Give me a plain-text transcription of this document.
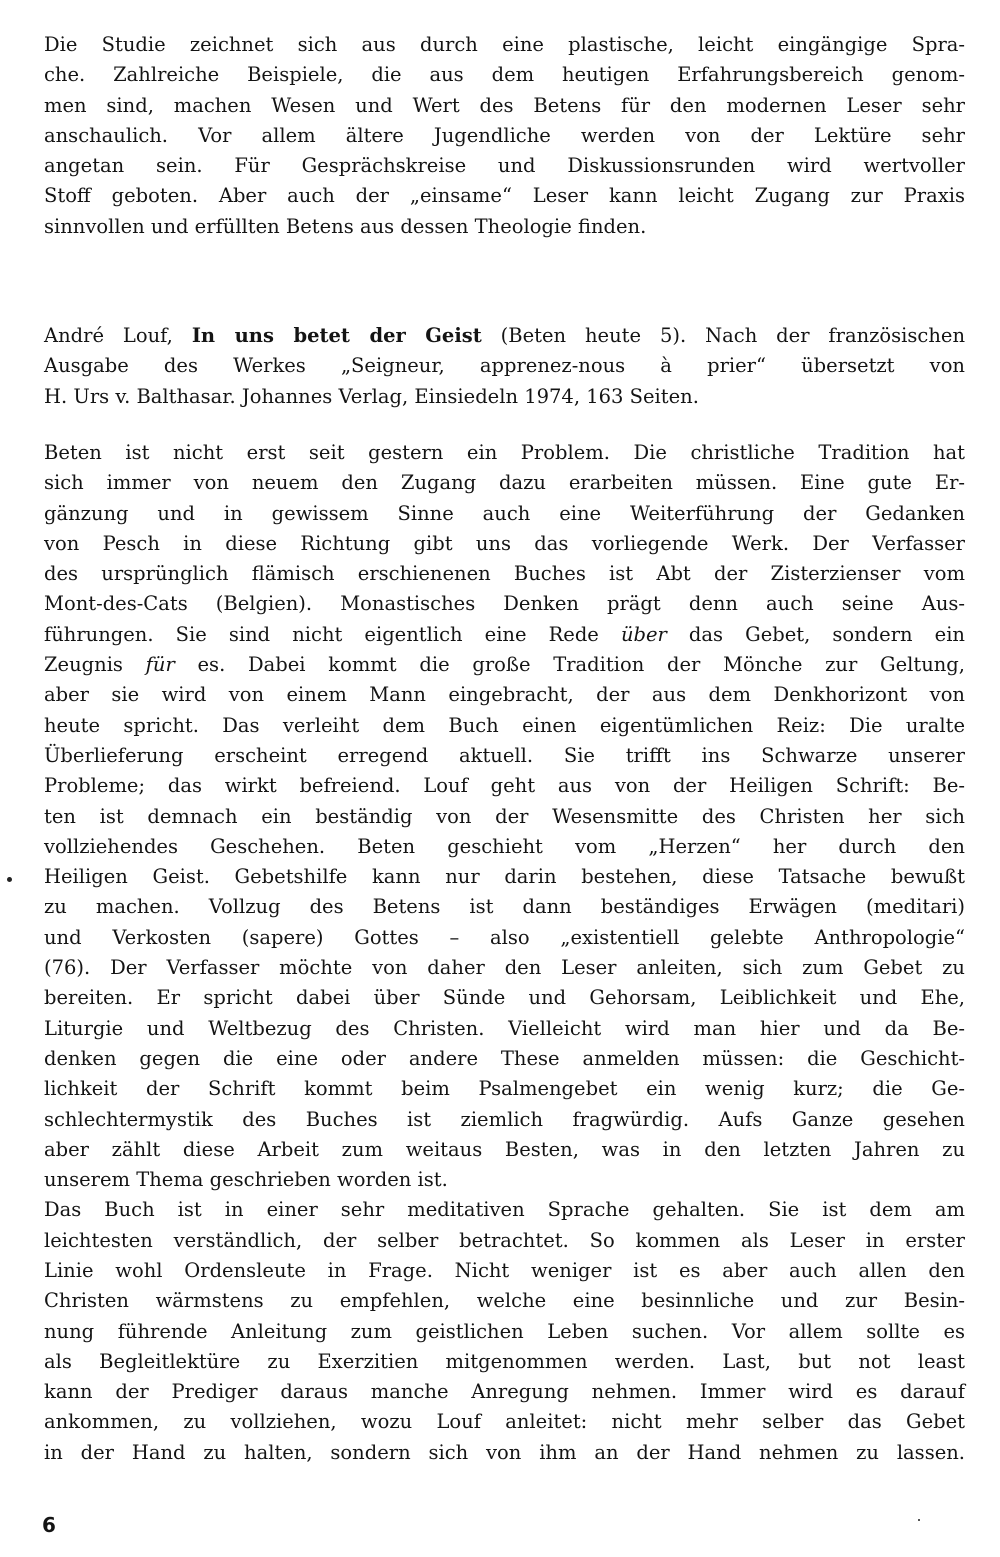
Die Studie zeichnet sich aus durch eine plastische, leicht eingängige Spra-
che. Zahlreiche Beispiele, die aus dem heutigen Erfahrungsbereich genom-
men sind, machen Wesen und Wert des Betens für den modernen Leser sehr
anschaulich. Vor allem ältere Jugendliche werden von der Lektüre sehr
angetan sein. Für Gesprächskreise und Diskussionsrunden wird wertvoller
Stoff geboten. Aber auch der „einsame“ Leser kann leicht Zugang zur Praxis
sinnvollen und erfüllten Betens aus dessen Theologie finden.
André Louf, In uns betet der Geist (Beten heute 5). Nach der französischen
Ausgabe des Werkes „Seigneur, apprenez-nous à prier“ übersetzt von
H. Urs v. Balthasar. Johannes Verlag, Einsiedeln 1974, 163 Seiten.
Beten ist nicht erst seit gestern ein Problem. Die christliche Tradition hat
sich immer von neuem den Zugang dazu erarbeiten müssen. Eine gute Er-
gänzung und in gewissem Sinne auch eine Weiterführung der Gedanken
von Pesch in diese Richtung gibt uns das vorliegende Werk. Der Verfasser
des ursprünglich flämisch erschienenen Buches ist Abt der Zisterzienser vom
Mont-des-Cats (Belgien). Monastisches Denken prägt denn auch seine Aus-
führungen. Sie sind nicht eigentlich eine Rede über das Gebet, sondern ein
Zeugnis für es. Dabei kommt die große Tradition der Mönche zur Geltung,
aber sie wird von einem Mann eingebracht, der aus dem Denkhorizont von
heute spricht. Das verleiht dem Buch einen eigentümlichen Reiz: Die uralte
Überlieferung erscheint erregend aktuell. Sie trifft ins Schwarze unserer
Probleme; das wirkt befreiend. Louf geht aus von der Heiligen Schrift: Be-
ten ist demnach ein beständig von der Wesensmitte des Christen her sich
vollziehendes Geschehen. Beten geschieht vom „Herzen“ her durch den
Heiligen Geist. Gebetshilfe kann nur darin bestehen, diese Tatsache bewußt
zu machen. Vollzug des Betens ist dann beständiges Erwägen (meditari)
und Verkosten (sapere) Gottes – also „existentiell gelebte Anthropologie“
(76). Der Verfasser möchte von daher den Leser anleiten, sich zum Gebet zu
bereiten. Er spricht dabei über Sünde und Gehorsam, Leiblichkeit und Ehe,
Liturgie und Weltbezug des Christen. Vielleicht wird man hier und da Be-
denken gegen die eine oder andere These anmelden müssen: die Geschicht-
lichkeit der Schrift kommt beim Psalmengebet ein wenig kurz; die Ge-
schlechtermystik des Buches ist ziemlich fragwürdig. Aufs Ganze gesehen
aber zählt diese Arbeit zum weitaus Besten, was in den letzten Jahren zu
unserem Thema geschrieben worden ist.
Das Buch ist in einer sehr meditativen Sprache gehalten. Sie ist dem am
leichtesten verständlich, der selber betrachtet. So kommen als Leser in erster
Linie wohl Ordensleute in Frage. Nicht weniger ist es aber auch allen den
Christen wärmstens zu empfehlen, welche eine besinnliche und zur Besin-
nung führende Anleitung zum geistlichen Leben suchen. Vor allem sollte es
als Begleitlektüre zu Exerzitien mitgenommen werden. Last, but not least
kann der Prediger daraus manche Anregung nehmen. Immer wird es darauf
ankommen, zu vollziehen, wozu Louf anleitet: nicht mehr selber das Gebet
in der Hand zu halten, sondern sich von ihm an der Hand nehmen zu lassen.
6
